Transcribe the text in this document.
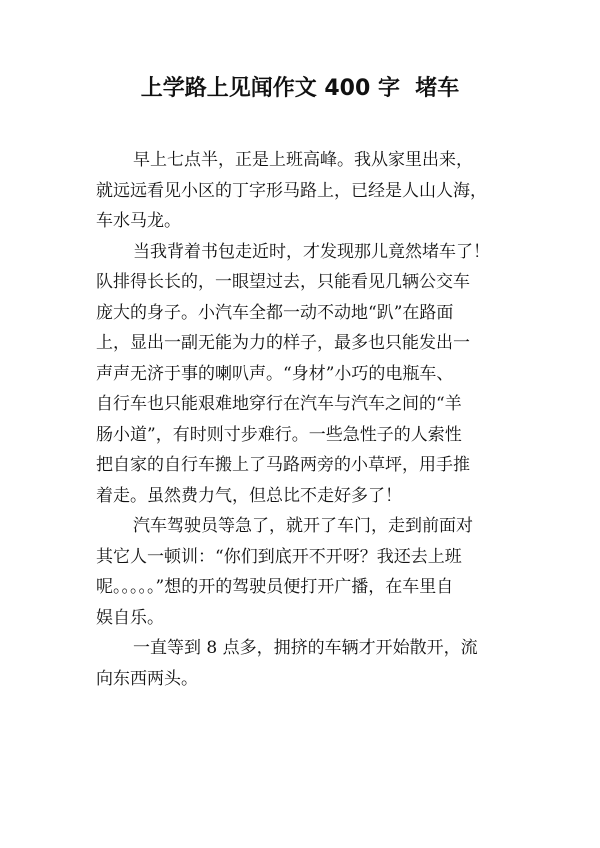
上学路上见闻作文 400 字  堵车

早上七点半，正是上班高峰。我从家里出来，
就远远看见小区的丁字形马路上，已经是人山人海，
车水马龙。

当我背着书包走近时，才发现那儿竟然堵车了！
队排得长长的，一眼望过去，只能看见几辆公交车
庞大的身子。小汽车全都一动不动地“趴”在路面
上，显出一副无能为力的样子，最多也只能发出一
声声无济于事的喇叭声。“身材”小巧的电瓶车、
自行车也只能艰难地穿行在汽车与汽车之间的“羊
肠小道”，有时则寸步难行。一些急性子的人索性
把自家的自行车搬上了马路两旁的小草坪，用手推
着走。虽然费力气，但总比不走好多了！

汽车驾驶员等急了，就开了车门，走到前面对
其它人一顿训：“你们到底开不开呀？我还去上班
呢。。。。。”想的开的驾驶员便打开广播，在车里自
娱自乐。

一直等到 8 点多，拥挤的车辆才开始散开，流
向东西两头。
